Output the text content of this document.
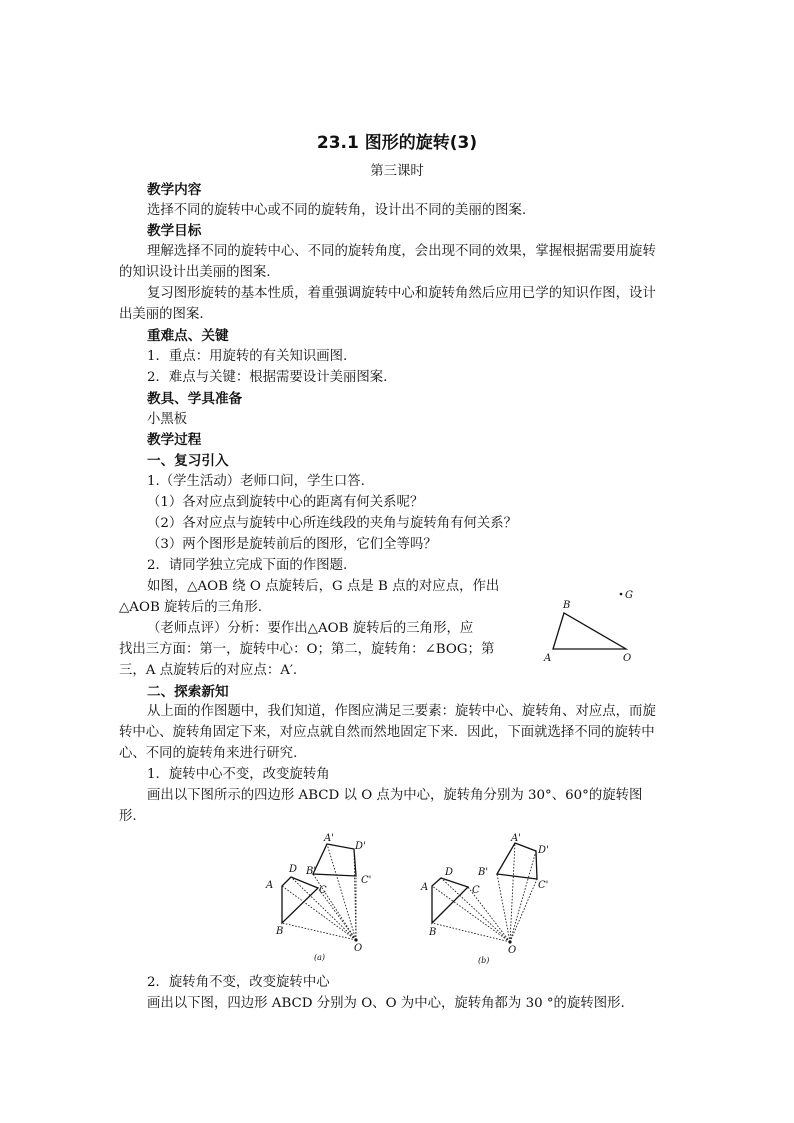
23.1 图形的旋转(3)
第三课时
教学内容
选择不同的旋转中心或不同的旋转角，设计出不同的美丽的图案.
教学目标
理解选择不同的旋转中心、不同的旋转角度，会出现不同的效果，掌握根据需要用旋转
的知识设计出美丽的图案.
复习图形旋转的基本性质，着重强调旋转中心和旋转角然后应用已学的知识作图，设计
出美丽的图案.
重难点、关键
1．重点：用旋转的有关知识画图.
2．难点与关键：根据需要设计美丽图案.
教具、学具准备
小黑板
教学过程
一、复习引入
1.（学生活动）老师口问，学生口答.
（1）各对应点到旋转中心的距离有何关系呢？
（2）各对应点与旋转中心所连线段的夹角与旋转角有何关系？
（3）两个图形是旋转前后的图形，它们全等吗？
2．请同学独立完成下面的作图题.
如图，△AOB 绕 O 点旋转后，G 点是 B 点的对应点，作出
△AOB 旋转后的三角形.
（老师点评）分析：要作出△AOB 旋转后的三角形，应
找出三方面：第一，旋转中心：O；第二，旋转角：∠BOG；第
三，A 点旋转后的对应点：A′.
二、探索新知
从上面的作图题中，我们知道，作图应满足三要素：旋转中心、旋转角、对应点，而旋
转中心、旋转角固定下来，对应点就自然而然地固定下来．因此，下面就选择不同的旋转中
心、不同的旋转角来进行研究.
1．旋转中心不变，改变旋转角
画出以下图所示的四边形 ABCD 以 O 点为中心，旋转角分别为 30°、60°的旋转图
形.
2．旋转角不变，改变旋转中心
画出以下图，四边形 ABCD 分别为 O、O 为中心，旋转角都为 30 °的旋转图形.
B
A	O
G
A
D
C
B
O
A'
D'
B'
C'
(a)
A
D
C
B
O
A'
D'
B'
C'
(b)
